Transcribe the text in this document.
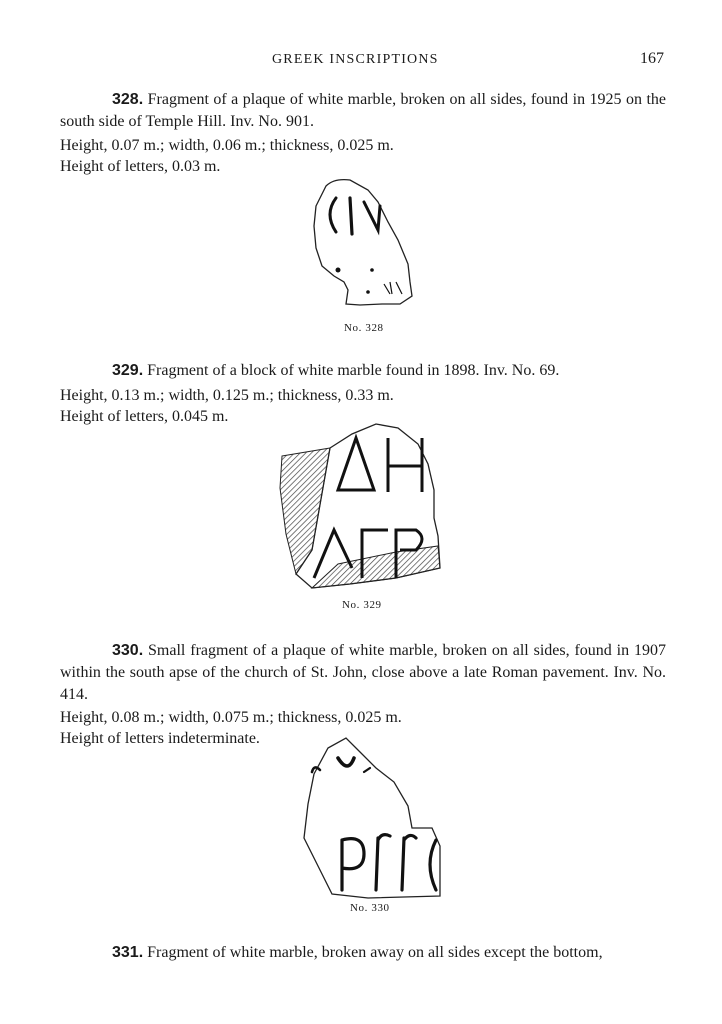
GREEK INSCRIPTIONS	167
328. Fragment of a plaque of white marble, broken on all sides, found in 1925 on the south side of Temple Hill. Inv. No. 901.
Height, 0.07 m.; width, 0.06 m.; thickness, 0.025 m.
Height of letters, 0.03 m.
No. 328
329. Fragment of a block of white marble found in 1898. Inv. No. 69.
Height, 0.13 m.; width, 0.125 m.; thickness, 0.33 m.
Height of letters, 0.045 m.
No. 329
330. Small fragment of a plaque of white marble, broken on all sides, found in 1907 within the south apse of the church of St. John, close above a late Roman pavement. Inv. No. 414.
Height, 0.08 m.; width, 0.075 m.; thickness, 0.025 m.
Height of letters indeterminate.
No. 330
331. Fragment of white marble, broken away on all sides except the bottom,
